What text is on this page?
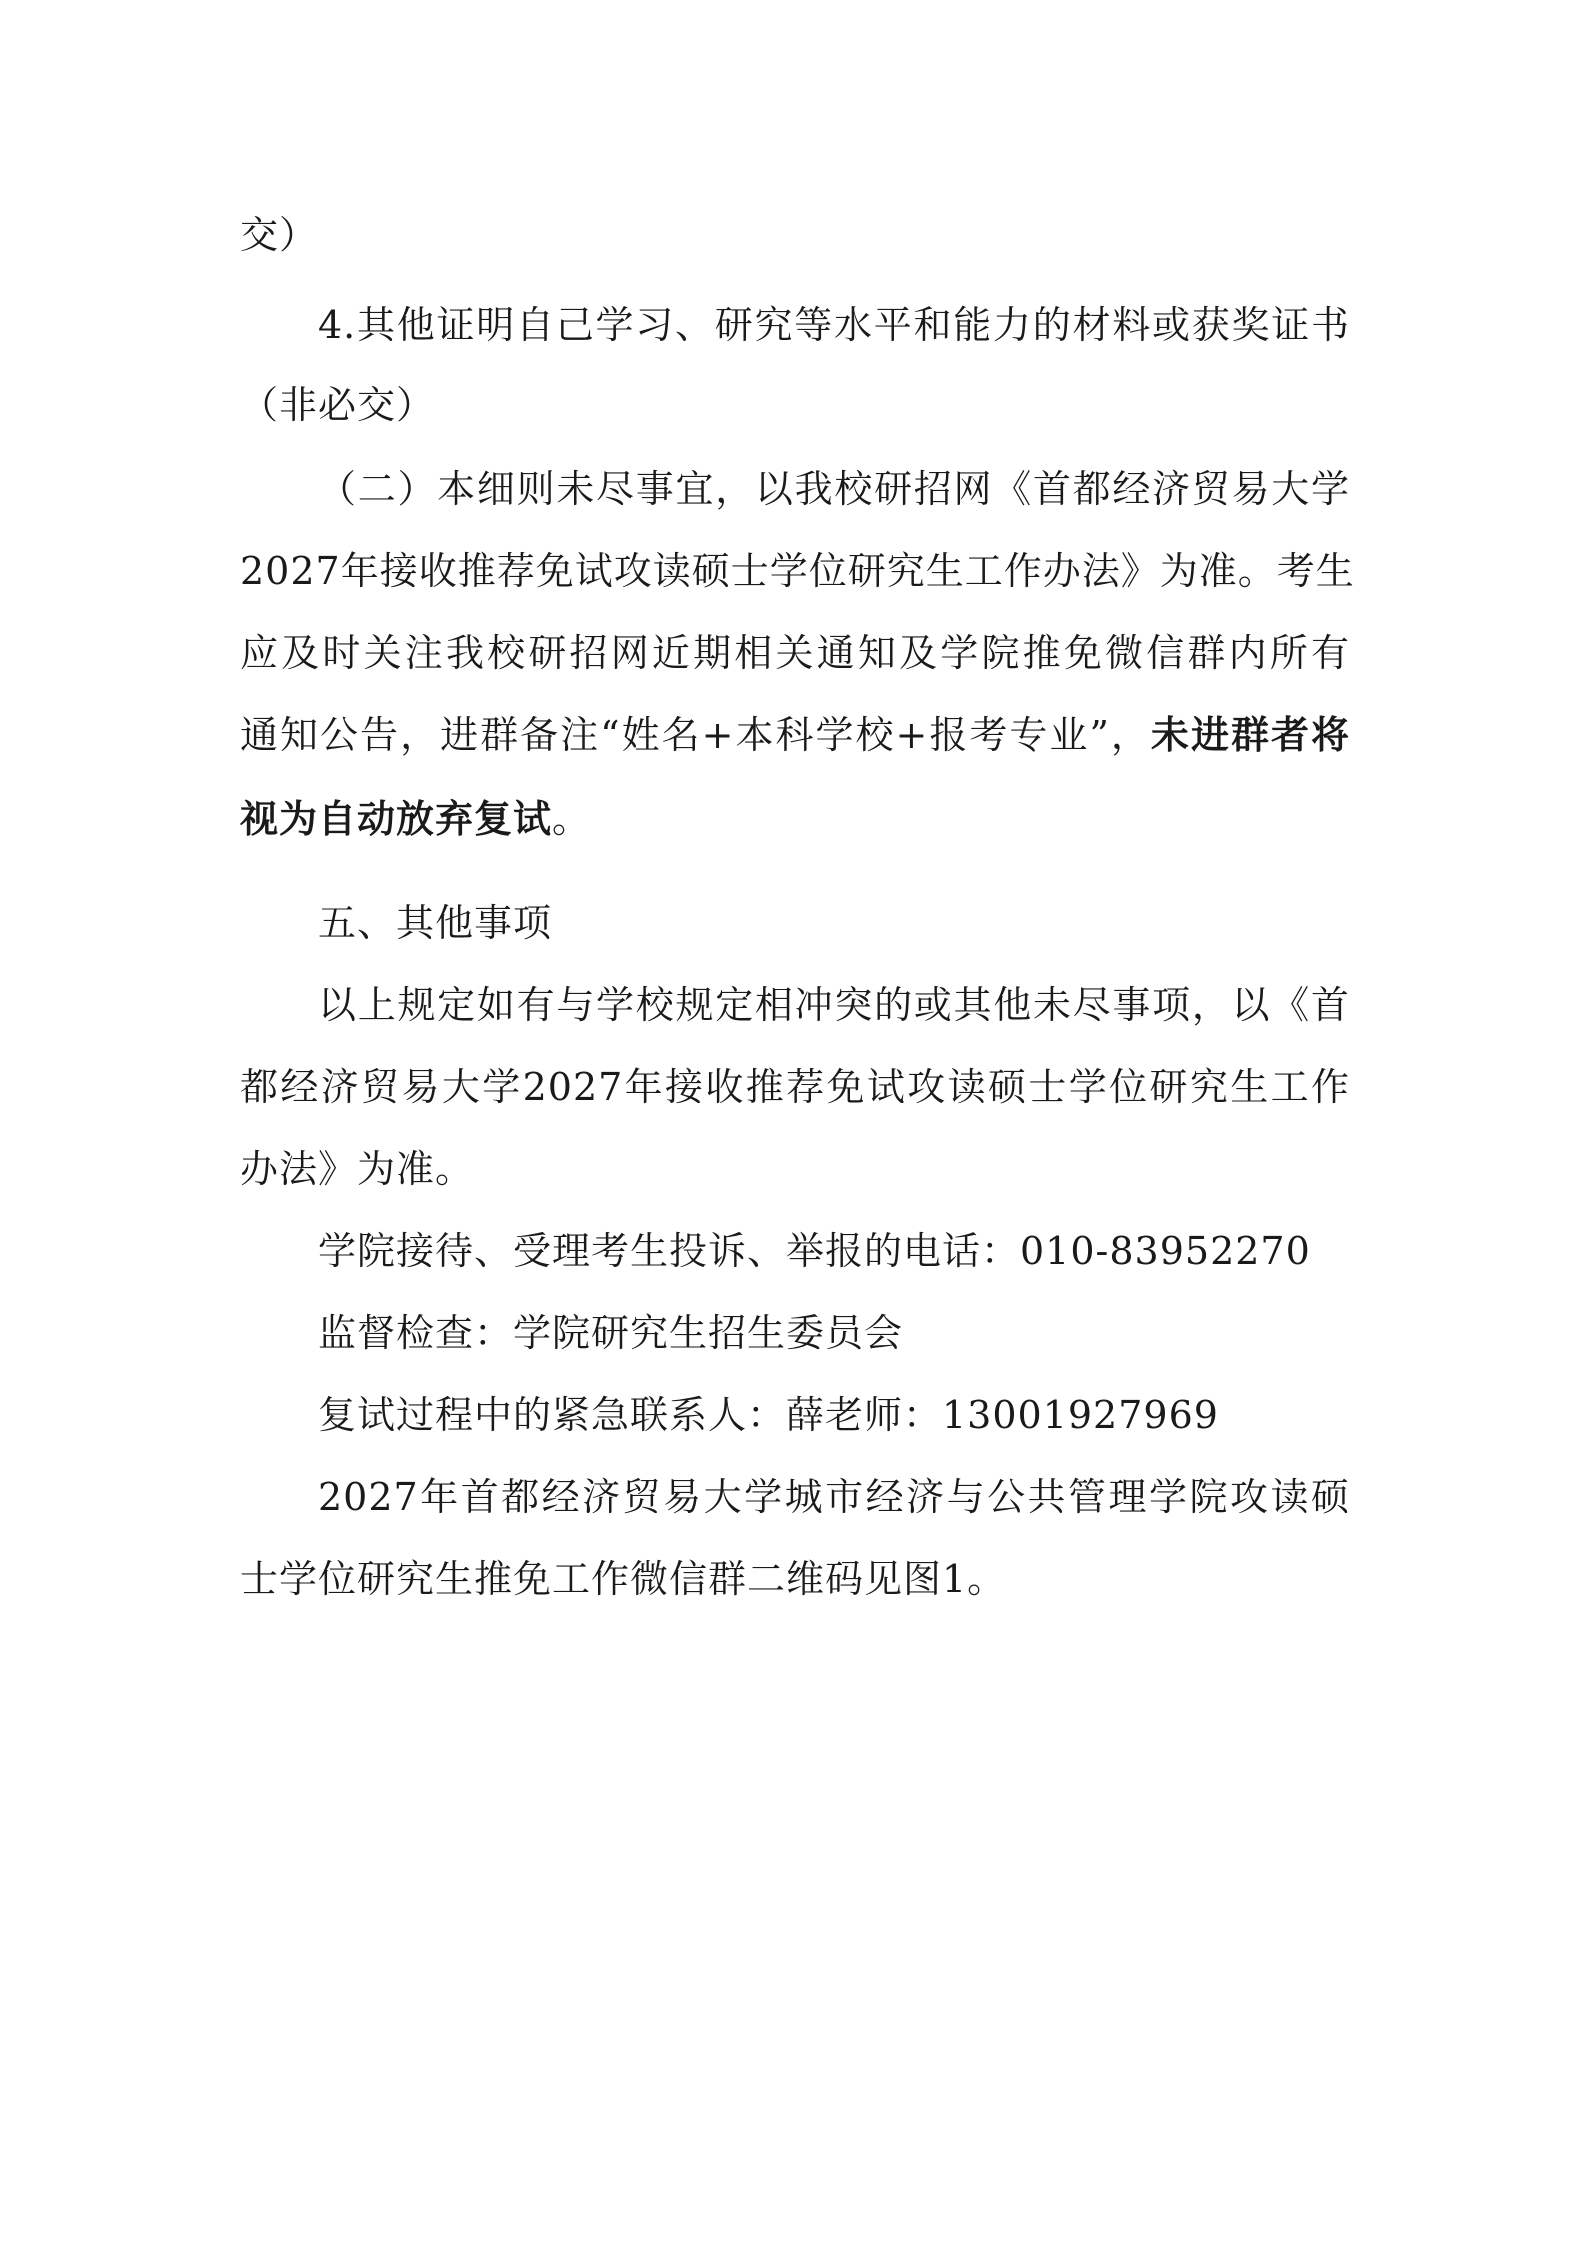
交）
4.其他证明自己学习、研究等水平和能力的材料或获奖证书
（非必交）
（二）本细则未尽事宜，以我校研招网《首都经济贸易大学
2027年接收推荐免试攻读硕士学位研究生工作办法》为准。考生
应及时关注我校研招网近期相关通知及学院推免微信群内所有
通知公告，进群备注“姓名+本科学校+报考专业”，未进群者将
视为自动放弃复试。
五、其他事项
以上规定如有与学校规定相冲突的或其他未尽事项，以《首
都经济贸易大学2027年接收推荐免试攻读硕士学位研究生工作
办法》为准。
学院接待、受理考生投诉、举报的电话：010-83952270
监督检查：学院研究生招生委员会
复试过程中的紧急联系人：薛老师：13001927969
2027年首都经济贸易大学城市经济与公共管理学院攻读硕
士学位研究生推免工作微信群二维码见图1。
